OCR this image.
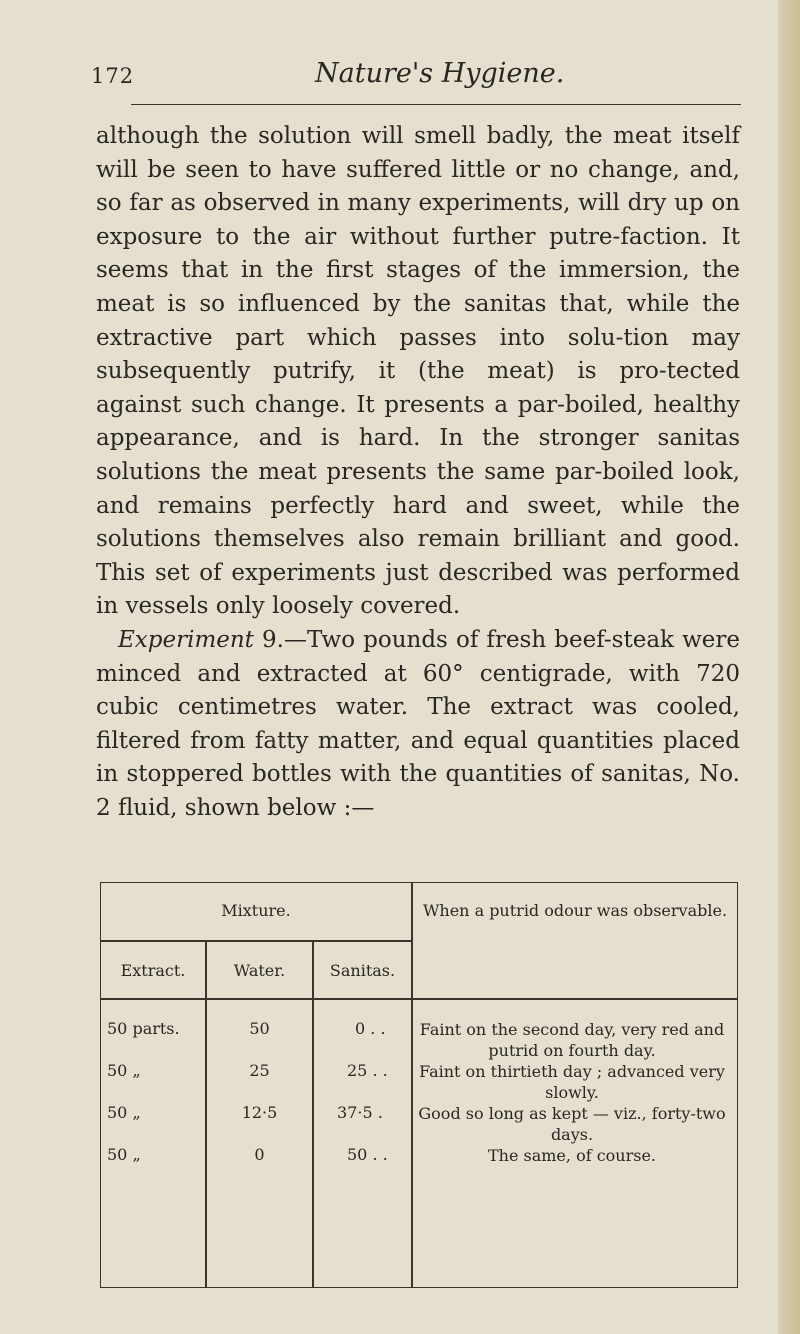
172	Nature's Hygiene.

although the solution will smell badly, the meat itself will be seen to have suffered little or no change, and, so far as observed in many experiments, will dry up on exposure to the air without further putre-faction. It seems that in the first stages of the immersion, the meat is so influenced by the sanitas that, while the extractive part which passes into solu-tion may subsequently putrify, it (the meat) is pro-tected against such change. It presents a par-boiled, healthy appearance, and is hard. In the stronger sanitas solutions the meat presents the same par-boiled look, and remains perfectly hard and sweet, while the solutions themselves also remain brilliant and good. This set of experiments just described was performed in vessels only loosely covered.

Experiment 9.—Two pounds of fresh beef-steak were minced and extracted at 60° centigrade, with 720 cubic centimetres water. The extract was cooled, filtered from fatty matter, and equal quantities placed in stoppered bottles with the quantities of sanitas, No. 2 fluid, shown below :—

Mixture.	When a putrid odour was observable.
Extract.	Water.	Sanitas.
50 parts.	50	0 . .	Faint on the second day, very red and putrid on fourth day.
50 „	25	25 . .	Faint on thirtieth day ; advanced very slowly.
50 „	12·5	37·5 .	Good so long as kept — viz., forty-two days.
50 „	0	50 . .	The same, of course.
